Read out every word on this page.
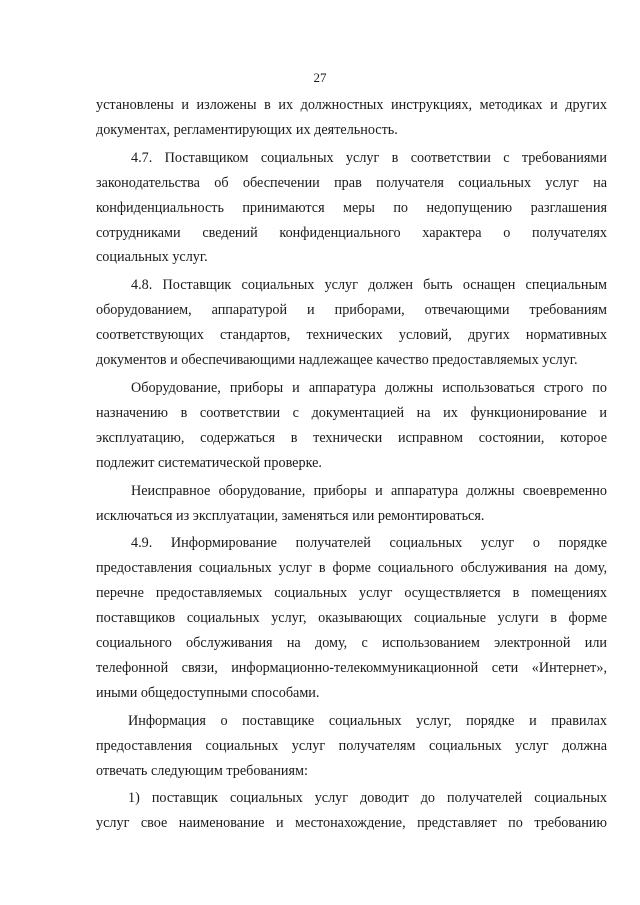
27
установлены и изложены в их должностных инструкциях, методиках и других
документах, регламентирующих их деятельность.
4.7. Поставщиком социальных услуг в соответствии с требованиями
законодательства об обеспечении прав получателя социальных услуг на
конфиденциальность принимаются меры по недопущению разглашения
сотрудниками сведений конфиденциального характера о получателях
социальных услуг.
4.8. Поставщик социальных услуг должен быть оснащен специальным
оборудованием, аппаратурой и приборами, отвечающими требованиям
соответствующих стандартов, технических условий, других нормативных
документов и обеспечивающими надлежащее качество предоставляемых услуг.
Оборудование, приборы и аппаратура должны использоваться строго по
назначению в соответствии с документацией на их функционирование и
эксплуатацию, содержаться в технически исправном состоянии, которое
подлежит систематической проверке.
Неисправное оборудование, приборы и аппаратура должны своевременно
исключаться из эксплуатации, заменяться или ремонтироваться.
4.9. Информирование получателей социальных услуг о порядке
предоставления социальных услуг в форме социального обслуживания на дому,
перечне предоставляемых социальных услуг осуществляется в помещениях
поставщиков социальных услуг, оказывающих социальные услуги в форме
социального обслуживания на дому, с использованием электронной или
телефонной связи, информационно-телекоммуникационной сети «Интернет»,
иными общедоступными способами.
Информация о поставщике социальных услуг, порядке и правилах
предоставления социальных услуг получателям социальных услуг должна
отвечать следующим требованиям:
1) поставщик социальных услуг доводит до получателей социальных
услуг свое наименование и местонахождение, представляет по требованию
